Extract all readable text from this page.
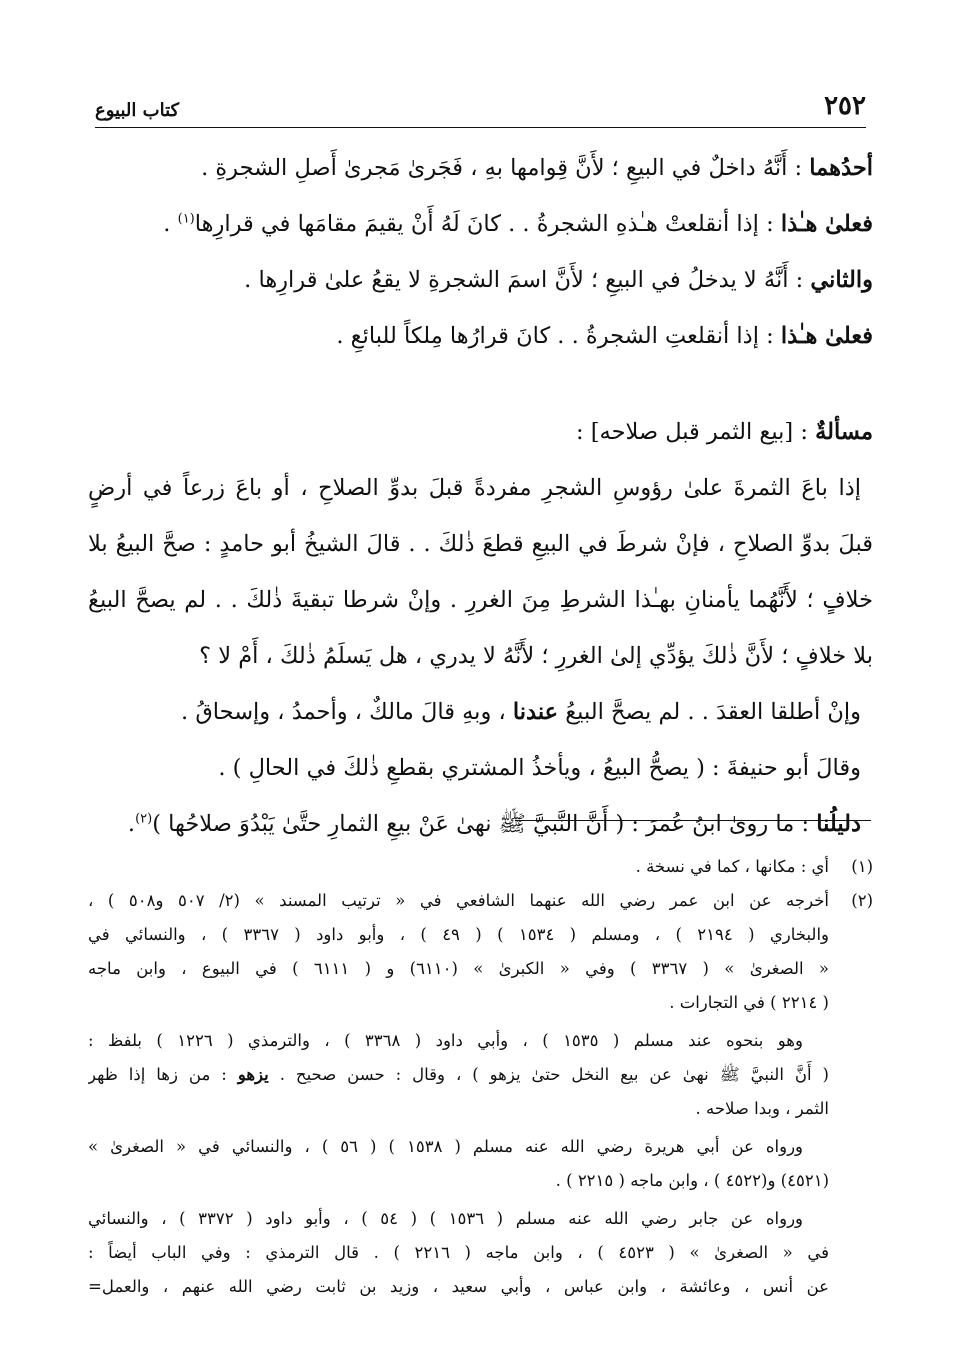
٢٥٢
كتاب البيوع
أحدُهما : أَنَّهُ داخلٌ في البيعِ ؛ لأَنَّ قِوامها بهِ ، فَجَرىٰ مَجرىٰ أَصلِ الشجرةِ .
فعلىٰ هـٰذا : إذا أنقلعتْ هـٰذهِ الشجرةُ . . كانَ لَهُ أَنْ يقيمَ مقامَها في قرارِها$^{(١)}$ .
والثاني : أَنَّهُ لا يدخلُ في البيعِ ؛ لأَنَّ اسمَ الشجرةِ لا يقعُ علىٰ قرارِها .
فعلىٰ هـٰذا : إذا أنقلعتِ الشجرةُ . . كانَ قرارُها مِلكاً للبائعِ .
مسألةٌ : [بيع الثمر قبل صلاحه] :
إذا باعَ الثمرةَ علىٰ رؤوسِ الشجرِ مفردةً قبلَ بدوِّ الصلاحِ ، أو باعَ زرعاً في أرضٍ
قبلَ بدوِّ الصلاحِ ، فإنْ شرطَ في البيعِ قطعَ ذٰلكَ . . قالَ الشيخُ أبو حامدٍ : صحَّ البيعُ بلا
خلافٍ ؛ لأَنَّهُما يأمنانِ بهـٰذا الشرطِ مِنَ الغررِ . وإنْ شرطا تبقيةَ ذٰلكَ . . لم يصحَّ البيعُ
بلا خلافٍ ؛ لأَنَّ ذٰلكَ يؤدِّي إلىٰ الغررِ ؛ لأَنَّهُ لا يدري ، هل يَسلَمُ ذٰلكَ ، أَمْ لا ؟
وإنْ أطلقا العقدَ . . لم يصحَّ البيعُ عندنا ، وبهِ قالَ مالكٌ ، وأحمدُ ، وإسحاقُ .
وقالَ أبو حنيفةَ : ( يصحُّ البيعُ ، ويأخذُ المشتري بقطعِ ذٰلكَ في الحالِ ) .
دليلُنا : ما روىٰ ابنُ عُمرَ : ( أَنَّ النَّبيَّ ﷺ نهىٰ عَنْ بيعِ الثمارِ حتَّىٰ يَبْدُوَ صلاحُها )$^{(٢)}$.
(١)
أي : مكانها ، كما في نسخة .
(٢)
أخرجه عن ابن عمر رضي الله عنهما الشافعي في « ترتيب المسند » (٢/ ٥٠٧ و٥٠٨ ) ،
والبخاري ( ٢١٩٤ ) ، ومسلم ( ١٥٣٤ ) ( ٤٩ ) ، وأبو داود ( ٣٣٦٧ ) ، والنسائي في
« الصغرىٰ » ( ٣٣٦٧ ) وفي « الكبرىٰ » (٦١١٠) و ( ٦١١١ ) في البيوع ، وابن ماجه
( ٢٢١٤ ) في التجارات .
وهو بنحوه عند مسلم ( ١٥٣٥ ) ، وأبي داود ( ٣٣٦٨ ) ، والترمذي ( ١٢٢٦ ) بلفظ :
( أَنَّ النبيَّ ﷺ نهىٰ عن بيع النخل حتىٰ يزهو ) ، وقال : حسن صحيح . يزهو : من زها إذا ظهر
الثمر ، وبدا صلاحه .
ورواه عن أبي هريرة رضي الله عنه مسلم ( ١٥٣٨ ) ( ٥٦ ) ، والنسائي في « الصغرىٰ »
(٤٥٢١) و(٤٥٢٢ ) ، وابن ماجه ( ٢٢١٥ ) .
ورواه عن جابر رضي الله عنه مسلم ( ١٥٣٦ ) ( ٥٤ ) ، وأبو داود ( ٣٣٧٢ ) ، والنسائي
في « الصغرىٰ » ( ٤٥٢٣ ) ، وابن ماجه ( ٢٢١٦ ) . قال الترمذي : وفي الباب أيضاً :
عن أنس ، وعائشة ، وابن عباس ، وأبي سعيد ، وزيد بن ثابت رضي الله عنهم ، والعمل=
